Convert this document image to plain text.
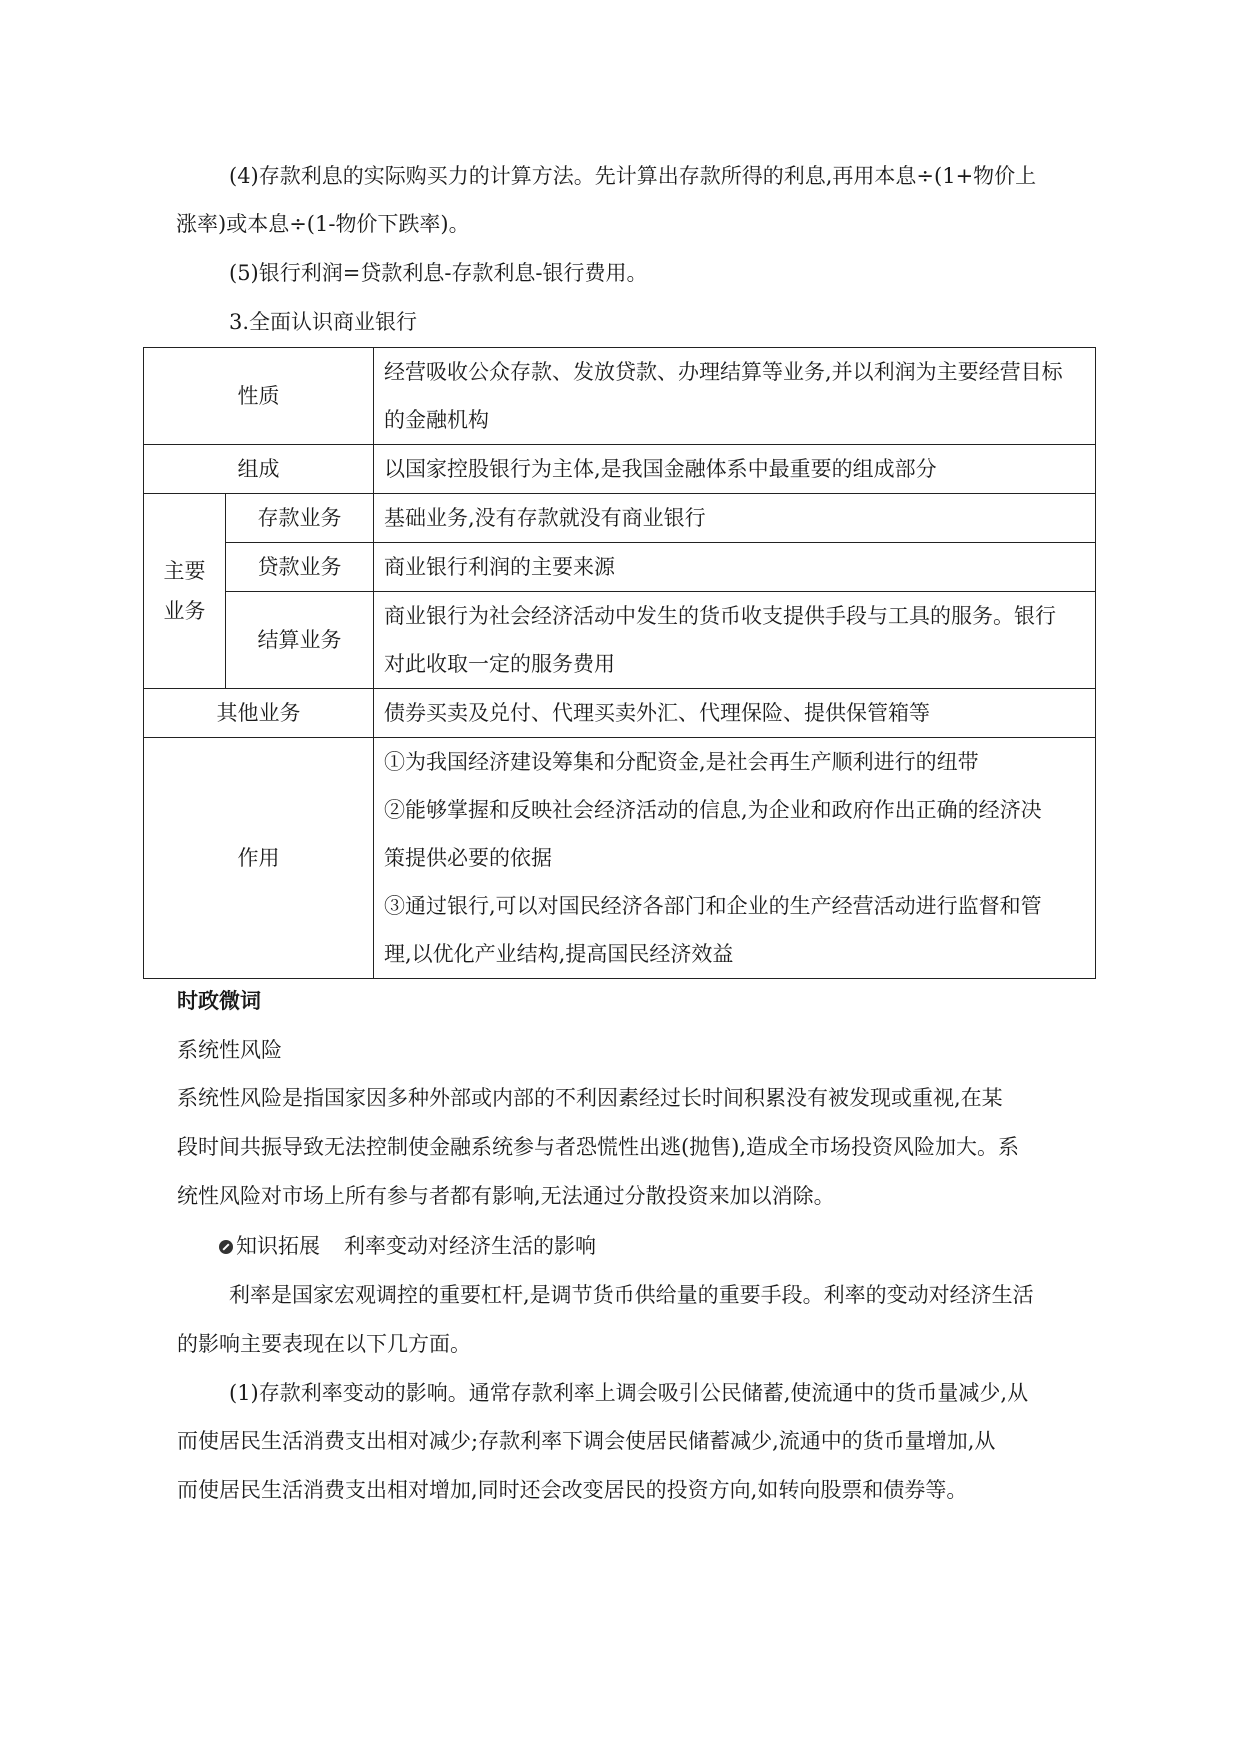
(4)存款利息的实际购买力的计算方法。先计算出存款所得的利息,再用本息÷(1+物价上
涨率)或本息÷(1-物价下跌率)。
(5)银行利润=贷款利息-存款利息-银行费用。
3.全面认识商业银行
性质		经营吸收公众存款、发放贷款、办理结算等业务,并以利润为主要经营目标
的金融机构

组成		以国家控股银行为主体,是我国金融体系中最重要的组成部分

主要
业务	存款业务	基础业务,没有存款就没有商业银行
	贷款业务	商业银行利润的主要来源
	结算业务	商业银行为社会经济活动中发生的货币收支提供手段与工具的服务。银行
对此收取一定的服务费用

其他业务		债券买卖及兑付、代理买卖外汇、代理保险、提供保管箱等
作用		①为我国经济建设筹集和分配资金,是社会再生产顺利进行的纽带
②能够掌握和反映社会经济活动的信息,为企业和政府作出正确的经济决
策提供必要的依据
③通过银行,可以对国民经济各部门和企业的生产经营活动进行监督和管
理,以优化产业结构,提高国民经济效益
时政微词
系统性风险
系统性风险是指国家因多种外部或内部的不利因素经过长时间积累没有被发现或重视,在某
段时间共振导致无法控制使金融系统参与者恐慌性出逃(抛售),造成全市场投资风险加大。系
统性风险对市场上所有参与者都有影响,无法通过分散投资来加以消除。
知识拓展 利率变动对经济生活的影响
利率是国家宏观调控的重要杠杆,是调节货币供给量的重要手段。利率的变动对经济生活
的影响主要表现在以下几方面。
(1)存款利率变动的影响。通常存款利率上调会吸引公民储蓄,使流通中的货币量减少,从
而使居民生活消费支出相对减少;存款利率下调会使居民储蓄减少,流通中的货币量增加,从
而使居民生活消费支出相对增加,同时还会改变居民的投资方向,如转向股票和债券等。
